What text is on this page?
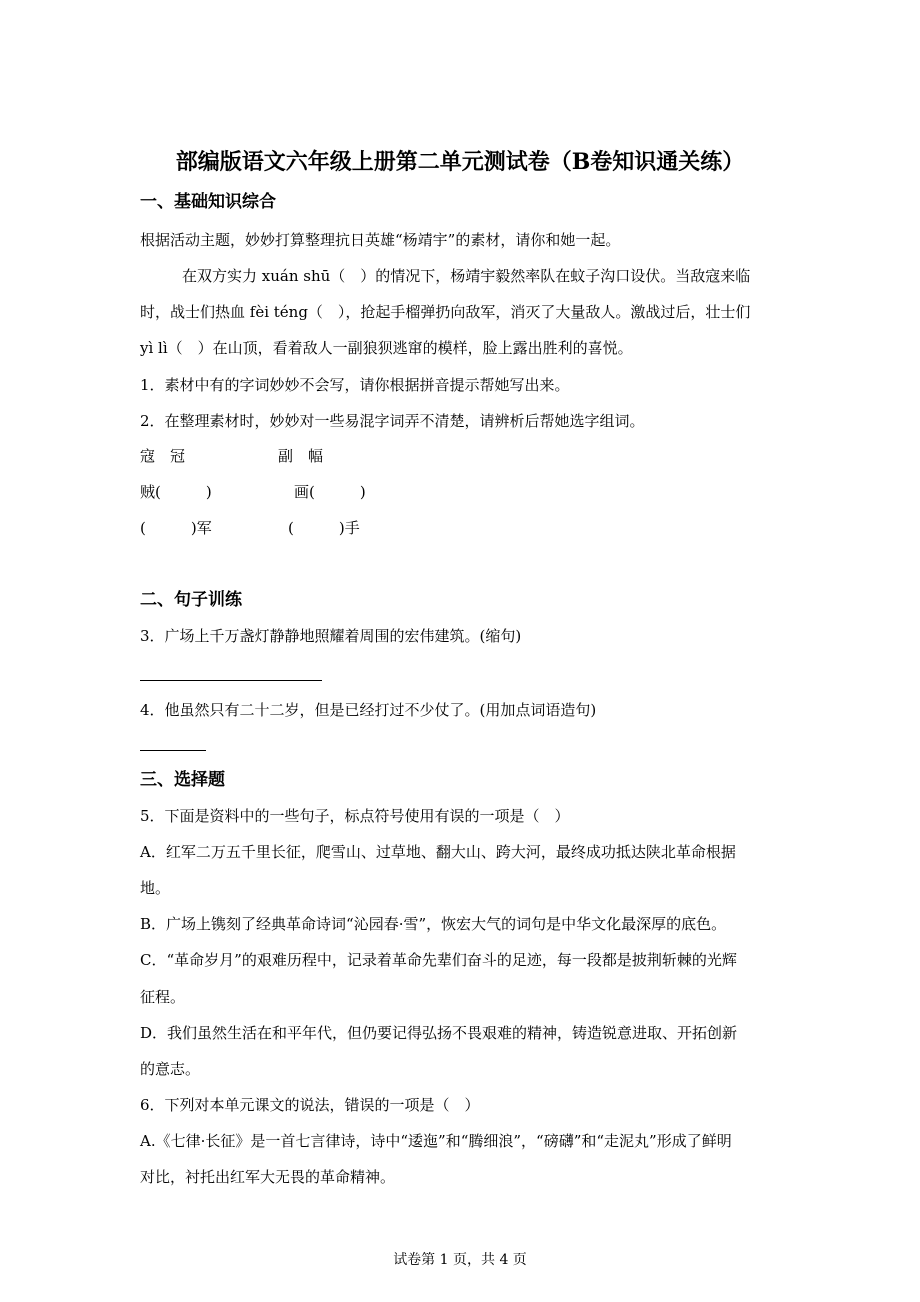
部编版语文六年级上册第二单元测试卷（B卷知识通关练）
一、基础知识综合
根据活动主题，妙妙打算整理抗日英雄“杨靖宇”的素材，请你和她一起。
在双方实力 xuán shū（　）的情况下，杨靖宇毅然率队在蚊子沟口设伏。当敌寇来临
时，战士们热血 fèi téng（　），抢起手榴弹扔向敌军，消灭了大量敌人。激战过后，壮士们
yì lì（　）在山顶，看着敌人一副狼狈逃窜的模样，脸上露出胜利的喜悦。
1．素材中有的字词妙妙不会写，请你根据拼音提示帮她写出来。
2．在整理素材时，妙妙对一些易混字词弄不清楚，请辨析后帮她选字组词。
寇　冠	副　幅
贼(　　　)	画(　　　)
(　　　)军	(　　　)手
二、句子训练
3．广场上千万盏灯静静地照耀着周围的宏伟建筑。(缩句)
4．他虽然只有二十二岁，但是已经打过不少仗了。(用加点词语造句)
三、选择题
5．下面是资料中的一些句子，标点符号使用有误的一项是（　）
A．红军二万五千里长征，爬雪山、过草地、翻大山、跨大河，最终成功抵达陕北革命根据
地。
B．广场上镌刻了经典革命诗词“沁园春·雪”，恢宏大气的词句是中华文化最深厚的底色。
C．“革命岁月”的艰难历程中，记录着革命先辈们奋斗的足迹，每一段都是披荆斩棘的光辉
征程。
D．我们虽然生活在和平年代，但仍要记得弘扬不畏艰难的精神，铸造锐意进取、开拓创新
的意志。
6．下列对本单元课文的说法，错误的一项是（　）
A.《七律·长征》是一首七言律诗，诗中“逶迤”和“腾细浪”，“磅礴”和“走泥丸”形成了鲜明
对比，衬托出红军大无畏的革命精神。
试卷第 1 页，共 4 页
